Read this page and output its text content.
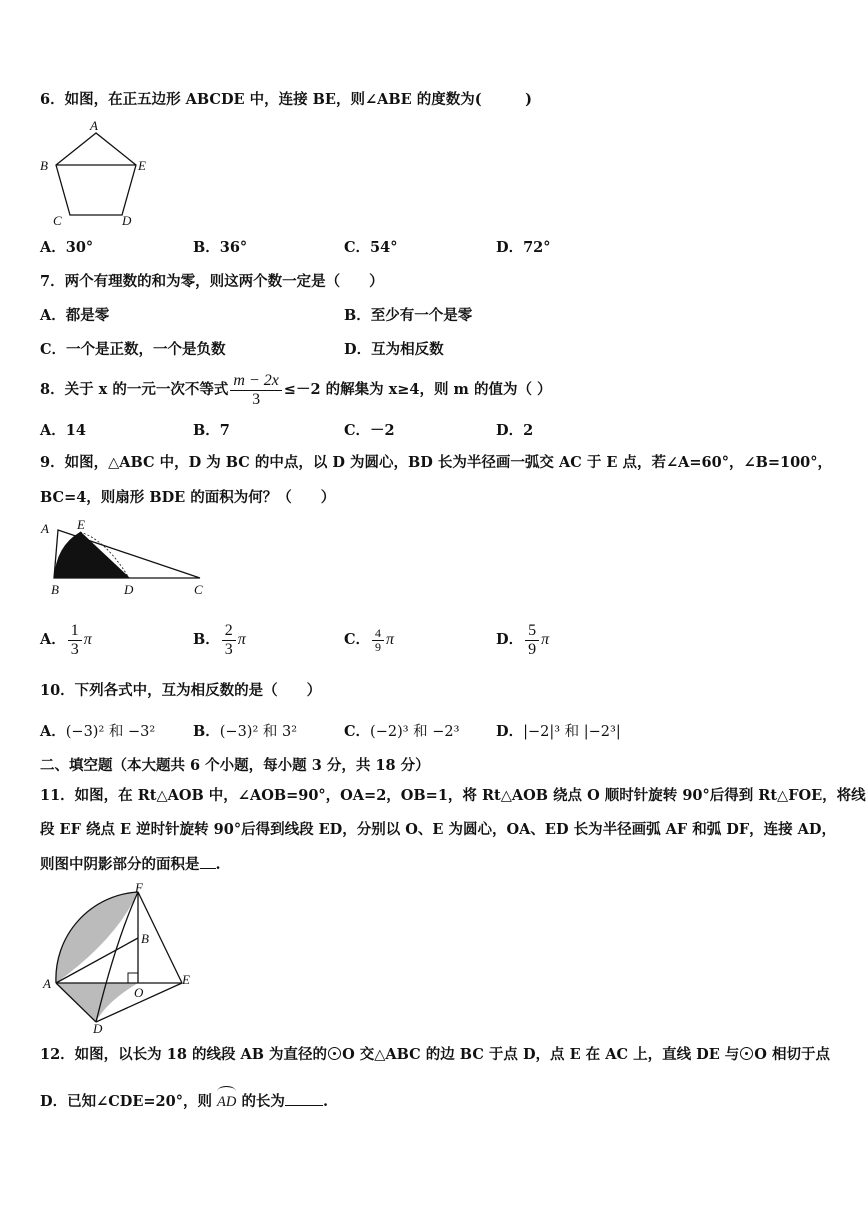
6．如图，在正五边形 ABCDE 中，连接 BE，则∠ABE 的度数为(　　　)
A
B
C	D
E
A．30°	B．36°	C．54°	D．72°
7．两个有理数的和为零，则这两个数一定是（　　）
A．都是零	B．至少有一个是零
C．一个是正数，一个是负数	D．互为相反数
8．关于 x 的一元一次不等式 $\frac{m - 2x}{3} \le-2$ 的解集为 x≥4，则 m 的值为（ ）
A．14	B．7	C．－2	D．2
9．如图，△ABC 中，D 为 BC 的中点，以 D 为圆心，BD 长为半径画一弧交 AC 于 E 点，若∠A=60°，∠B=100°，
BC=4，则扇形 BDE 的面积为何？（　　）
A E
B	D	C
A． $\frac{1}{3}$ π	B． $\frac{2}{3}$ π	C． $\frac{4}{9}$ π	D． $\frac{5}{9}$ π
10．下列各式中，互为相反数的是（　　）
A．(−3)² 和 −3²	B．(−3)² 和 3²	C．(−2)³ 和 −2³	D．|−2|³ 和 |−2³|
二、填空题（本大题共 6 个小题，每小题 3 分，共 18 分）
11．如图，在 Rt△AOB 中，∠AOB=90°，OA=2，OB=1，将 Rt△AOB 绕点 O 顺时针旋转 90°后得到 Rt△FOE，将线
段 EF 绕点 E 逆时针旋转 90°后得到线段 ED，分别以 O、E 为圆心，OA、ED 长为半径画弧 AF 和弧 DF，连接 AD，
则图中阴影部分的面积是 .
F
B
A
O
E
D
12．如图，以长为 18 的线段 AB 为直径的 O 交△ABC 的边 BC 于点 D，点 E 在 AC 上，直线 DE 与 O 相切于点
D．已知∠CDE=20°，则 AD 的长为	.
